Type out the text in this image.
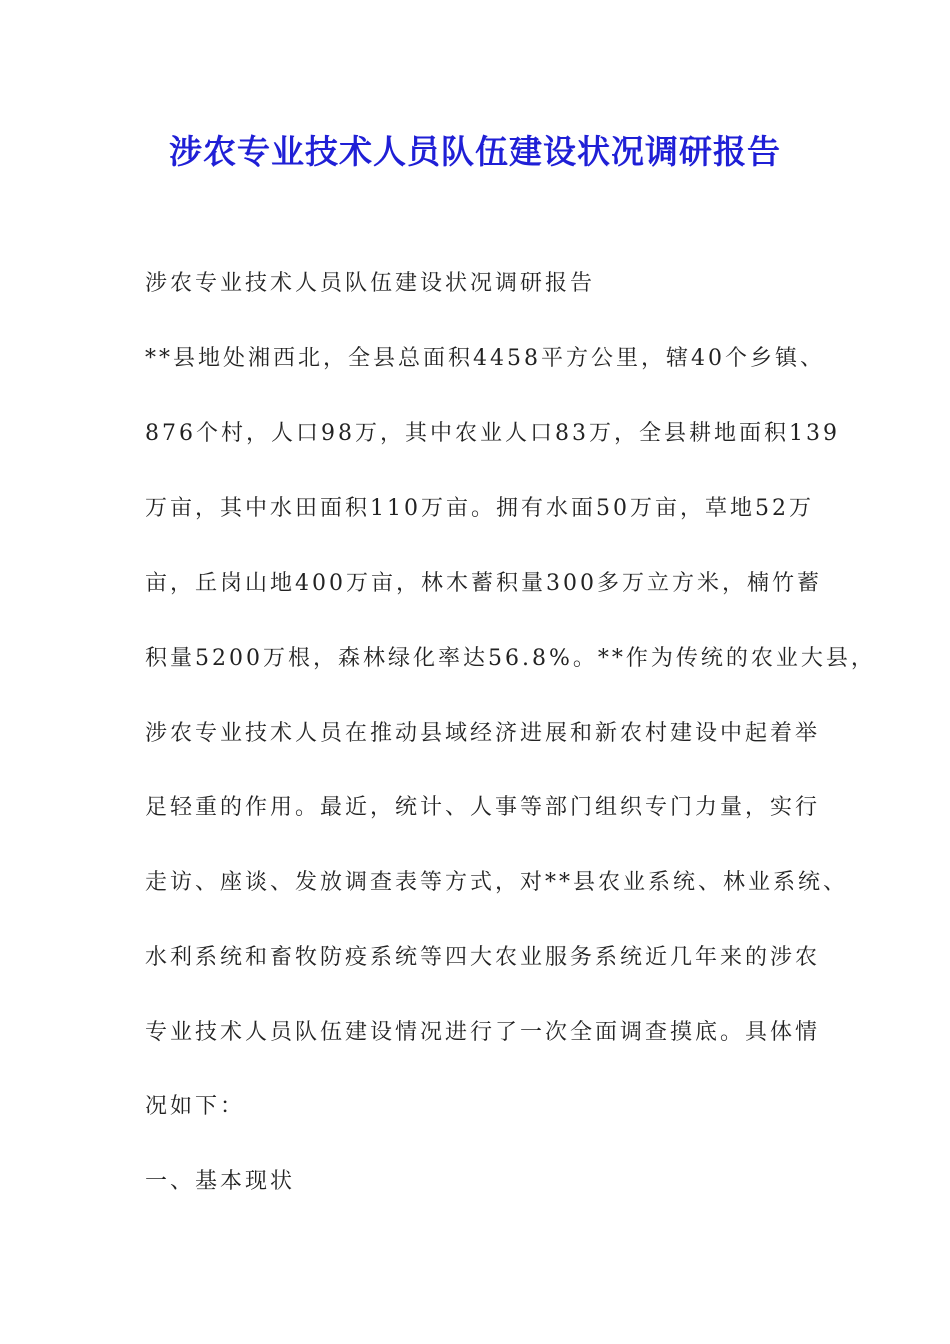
涉农专业技术人员队伍建设状况调研报告
涉农专业技术人员队伍建设状况调研报告
**县地处湘西北，全县总面积4458平方公里，辖40个乡镇、
876个村，人口98万，其中农业人口83万，全县耕地面积139
万亩，其中水田面积110万亩。拥有水面50万亩，草地52万
亩，丘岗山地400万亩，林木蓄积量300多万立方米，楠竹蓄
积量5200万根，森林绿化率达56.8%。**作为传统的农业大县，
涉农专业技术人员在推动县域经济进展和新农村建设中起着举
足轻重的作用。最近，统计、人事等部门组织专门力量，实行
走访、座谈、发放调查表等方式，对**县农业系统、林业系统、
水利系统和畜牧防疫系统等四大农业服务系统近几年来的涉农
专业技术人员队伍建设情况进行了一次全面调查摸底。具体情
况如下：
一、基本现状
